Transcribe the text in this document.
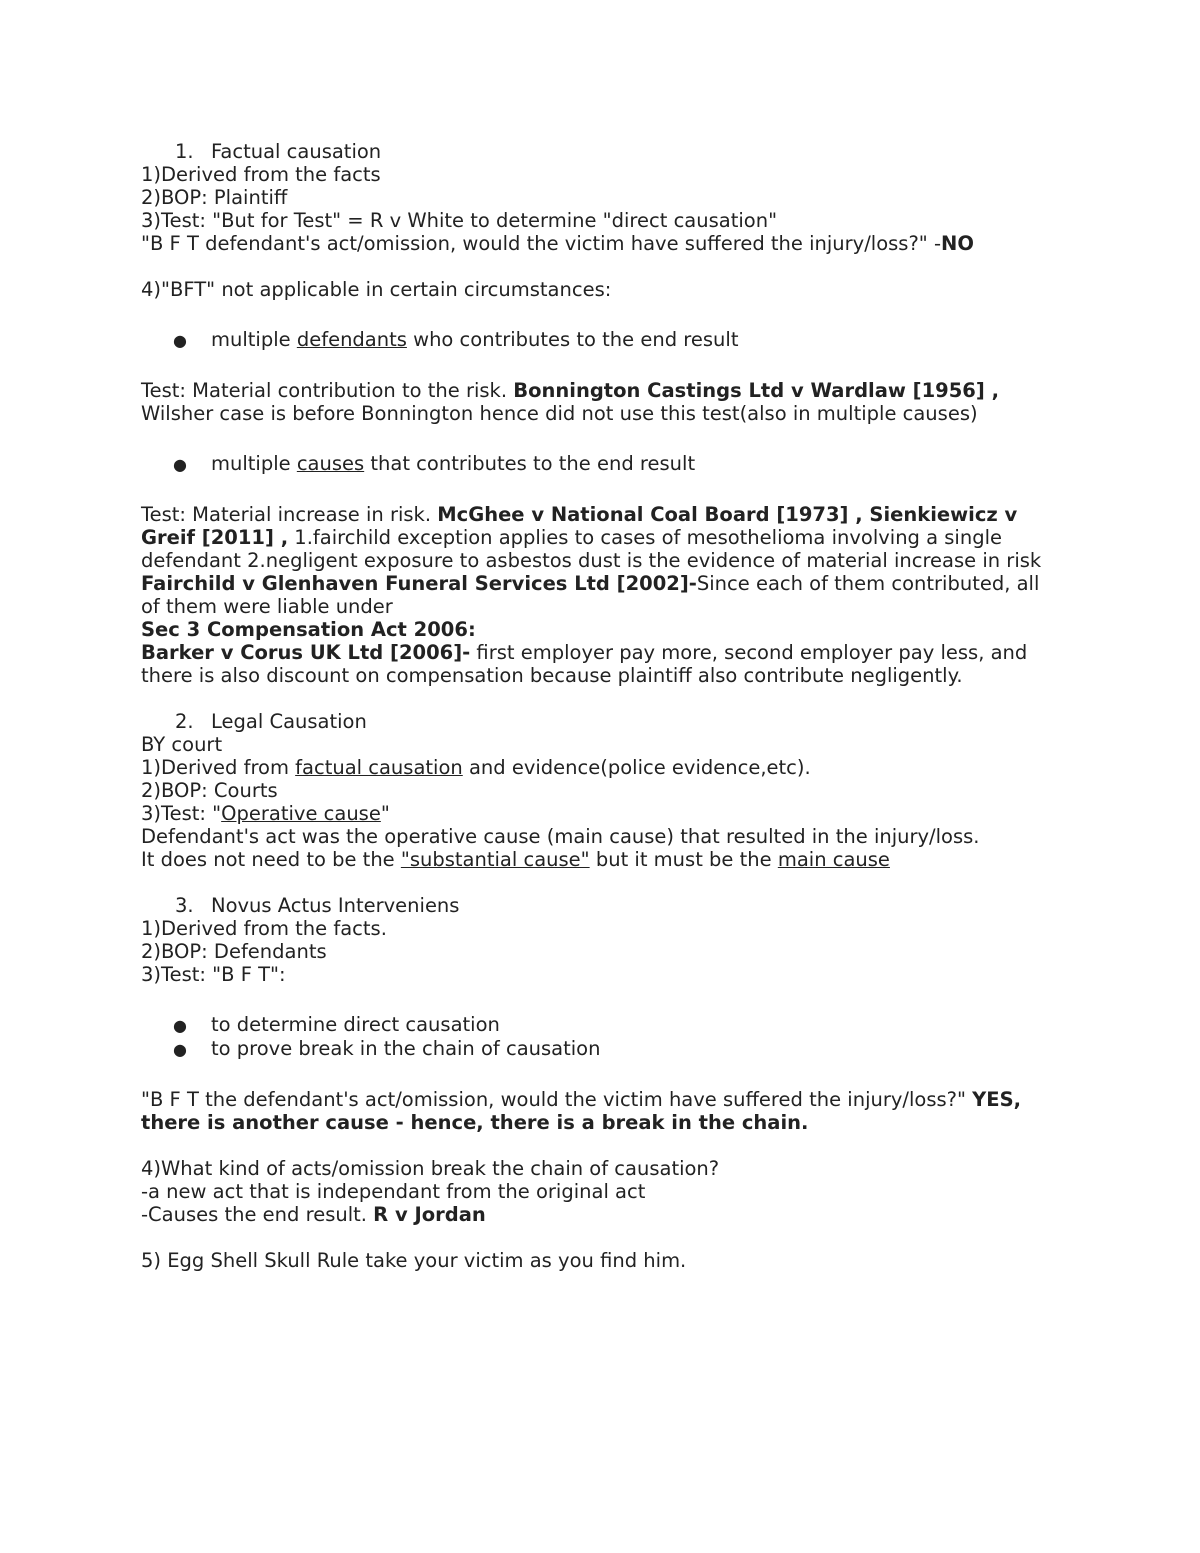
1. Factual causation
1)Derived from the facts
2)BOP: Plaintiff
3)Test: "But for Test" = R v White to determine "direct causation"
"B F T defendant's act/omission, would the victim have suffered the injury/loss?" -NO
4)"BFT" not applicable in certain circumstances:
● multiple defendants who contributes to the end result
Test: Material contribution to the risk. Bonnington Castings Ltd v Wardlaw [1956] ,
Wilsher case is before Bonnington hence did not use this test(also in multiple causes)
● multiple causes that contributes to the end result
Test: Material increase in risk. McGhee v National Coal Board [1973] , Sienkiewicz v Greif [2011] , 1.fairchild exception applies to cases of mesothelioma involving a single defendant 2.negligent exposure to asbestos dust is the evidence of material increase in risk
Fairchild v Glenhaven Funeral Services Ltd [2002]-Since each of them contributed, all of them were liable under
Sec 3 Compensation Act 2006:
Barker v Corus UK Ltd [2006]- first employer pay more, second employer pay less, and there is also discount on compensation because plaintiff also contribute negligently.
2. Legal Causation
BY court
1)Derived from factual causation and evidence(police evidence,etc).
2)BOP: Courts
3)Test: "Operative cause"
Defendant's act was the operative cause (main cause) that resulted in the injury/loss.
It does not need to be the "substantial cause" but it must be the main cause
3. Novus Actus Interveniens
1)Derived from the facts.
2)BOP: Defendants
3)Test: "B F T":
● to determine direct causation
● to prove break in the chain of causation
"B F T the defendant's act/omission, would the victim have suffered the injury/loss?" YES, there is another cause - hence, there is a break in the chain.
4)What kind of acts/omission break the chain of causation?
-a new act that is independant from the original act
-Causes the end result. R v Jordan
5) Egg Shell Skull Rule take your victim as you find him.
